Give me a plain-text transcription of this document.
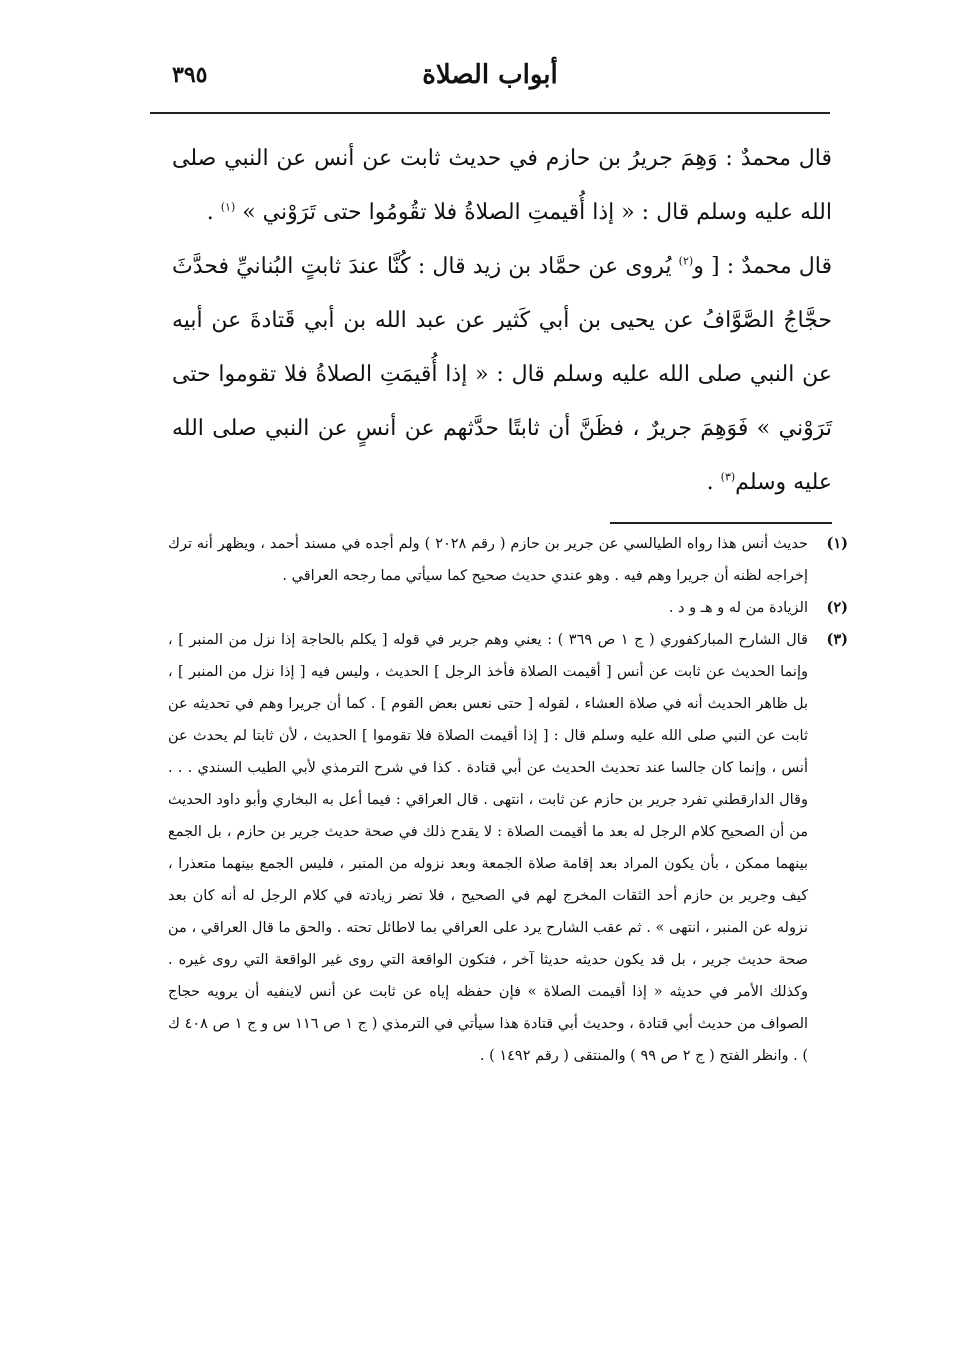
٣٩٥	أبواب الصلاة

قال محمدٌ : وَهِمَ جريرُ بن حازم في حديث ثابت عن أنس عن النبي صلى الله عليه وسلم قال : « إذا أُقيمتِ الصلاةُ فلا تقُومُوا حتى تَرَوْني » $^{(١)}$ .

قال محمدٌ : [ و$^{(٢)}$ يُروى عن حمَّاد بن زيد قال : كُنَّا عندَ ثابتٍ البُنانيِّ فحدَّثَ حجَّاجُ الصَّوَّافُ عن يحيى بن أبي كَثير عن عبد الله بن أبي قَتادةَ عن أبيه عن النبي صلى الله عليه وسلم قال : « إذا أُقيمَتِ الصلاةُ فلا تقوموا حتى تَرَوْني » فَوَهِمَ جريرٌ ، فظَنَّ أن ثابتًا حدَّثهم عن أنسٍ عن النبي صلى الله عليه وسلم$^{(٣)}$ .

(١)
حديث أنس هذا رواه الطيالسي عن جرير بن حازم ( رقم ٢٠٢٨ ) ولم أجده في مسند أحمد ، ويظهر أنه ترك إخراجه لظنه أن جريرا وهم فيه . وهو عندي حديث صحيح كما سيأتي مما رجحه العراقي .

(٢)
الزيادة من له و هـ و د .

(٣)
قال الشارح المباركفوري ( ج ١ ص ٣٦٩ ) : يعني وهم جرير في قوله [ يكلم بالحاجة إذا نزل من المنبر ] ، وإنما الحديث عن ثابت عن أنس [ أقيمت الصلاة فأخذ الرجل ] الحديث ، وليس فيه [ إذا نزل من المنبر ] ، بل ظاهر الحديث أنه في صلاة العشاء ، لقوله [ حتى نعس بعض القوم ] . كما أن جريرا وهم في تحديثه عن ثابت عن النبي صلى الله عليه وسلم قال : [ إذا أقيمت الصلاة فلا تقوموا ] الحديث ، لأن ثابتا لم يحدث عن أنس ، وإنما كان جالسا عند تحديث الحديث عن أبي قتادة . كذا في شرح الترمذي لأبي الطيب السندي . . . وقال الدارقطني تفرد جرير بن حازم عن ثابت ، انتهى . قال العراقي : فيما أعل به البخاري وأبو داود الحديث من أن الصحيح كلام الرجل له بعد ما أقيمت الصلاة : لا يقدح ذلك في صحة حديث جرير بن حازم ، بل الجمع بينهما ممكن ، بأن يكون المراد بعد إقامة صلاة الجمعة وبعد نزوله من المنبر ، فليس الجمع بينهما متعذرا ، كيف وجرير بن حازم أحد الثقات المخرج لهم في الصحيح ، فلا تضر زيادته في كلام الرجل له أنه كان بعد نزوله عن المنبر ، انتهى » . ثم عقب الشارح يرد على العراقي بما لاطائل تحته . والحق ما قال العراقي ، من صحة حديث جرير ، بل قد يكون حديثه حديثا آخر ، فتكون الواقعة التي روى غير الواقعة التي روى غيره . وكذلك الأمر في حديثه « إذا أقيمت الصلاة » فإن حفظه إياه عن ثابت عن أنس لاينفيه أن يرويه حجاج الصواف من حديث أبي قتادة ، وحديث أبي قتادة هذا سيأتي في الترمذي ( ج ١ ص ١١٦ س و ج ١ ص ٤٠٨ ك ) . وانظر الفتح ( ج ٢ ص ٩٩ ) والمنتقى ( رقم ١٤٩٢ ) .
